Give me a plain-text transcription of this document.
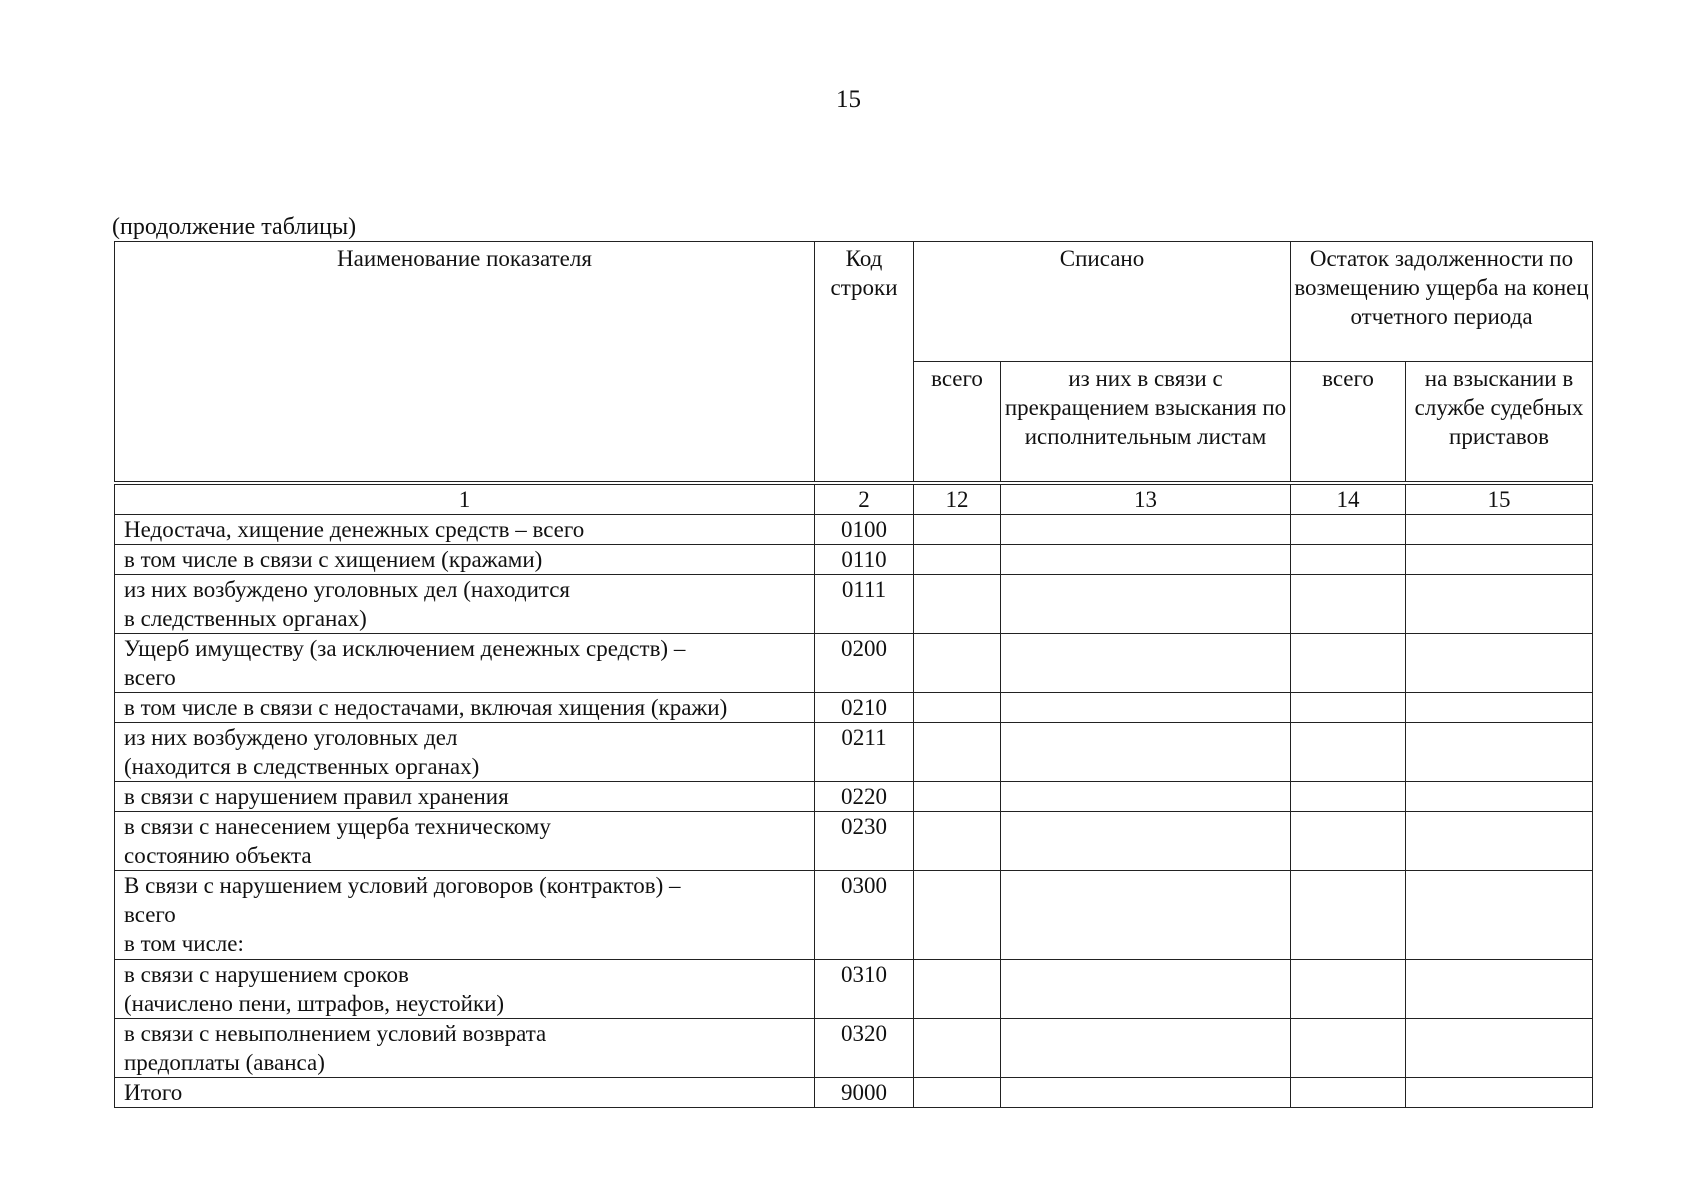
15
(продолжение таблицы)
Наименование показателя	Код строки	Списано		Остаток задолженности по возмещению ущерба на конец отчетного периода	
		всего	из них в связи с прекращением взыскания по исполнительным листам	всего	на взыскании в службе судебных приставов
1	2	12	13	14	15
Недостача, хищение денежных средств – всего	0100				
в том числе в связи с хищением (кражами)	0110				
из них возбуждено уголовных дел (находится
в следственных органах)	0111				
Ущерб имуществу (за исключением денежных средств) –
всего	0200				
в том числе в связи с недостачами, включая хищения (кражи)	0210				
из них возбуждено уголовных дел
(находится в следственных органах)	0211				
в связи с нарушением правил хранения	0220				
в связи с нанесением ущерба техническому
состоянию объекта	0230				
В связи с нарушением условий договоров (контрактов) –
всего
в том числе:	0300				
в связи с нарушением сроков
(начислено пени, штрафов, неустойки)	0310				
в связи с невыполнением условий возврата
предоплаты (аванса)	0320				
Итого	9000				
